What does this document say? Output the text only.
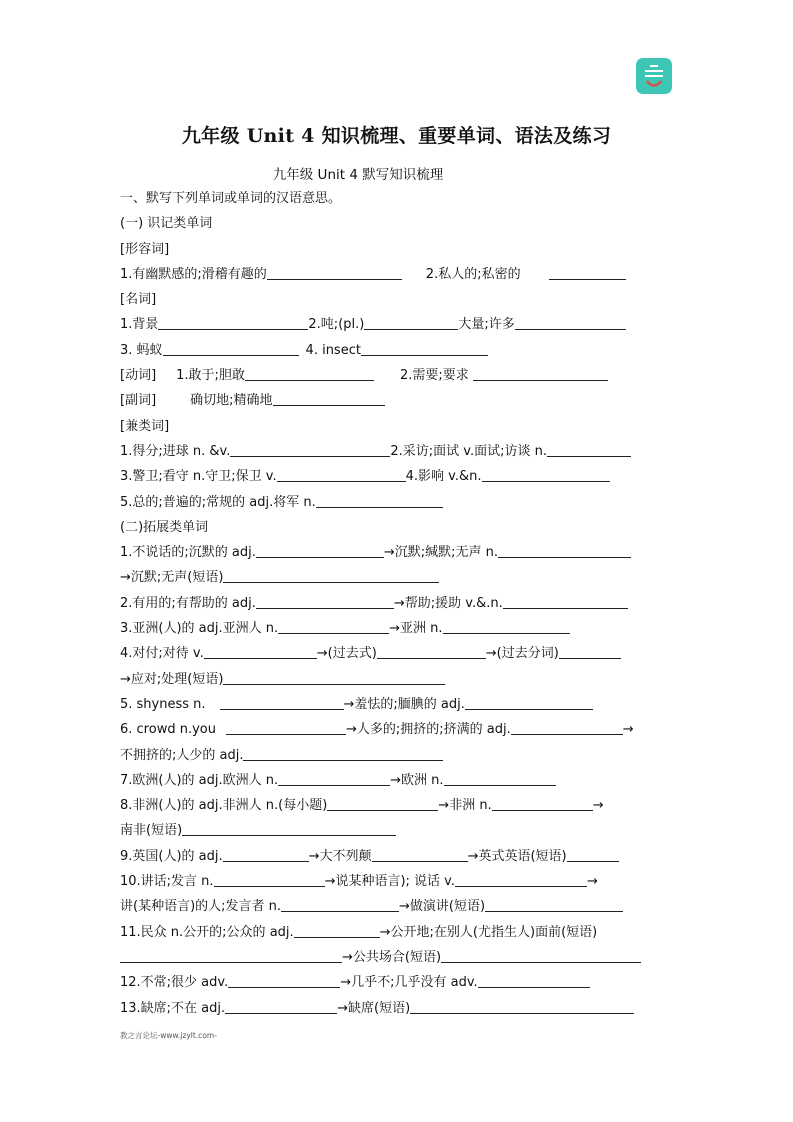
九年级 Unit 4 知识梳理、重要单词、语法及练习
九年级 Unit 4 默写知识梳理
一、默写下列单词或单词的汉语意思。
(一) 识记类单词
[形容词]
1.有幽默感的;滑稽有趣的	2.私人的;私密的
[名词]
1.背景	2.吨;(pl.)	大量;许多
3. 蚂蚁	4. insect
[动词] 1.敢于;胆敢	2.需要;要求
[副词]	确切地;精确地
[兼类词]
1.得分;进球 n. &v.	2.采访;面试 v.面试;访谈 n.
3.警卫;看守 n.守卫;保卫 v.	4.影响 v.&n.
5.总的;普遍的;常规的 adj.将军 n.
(二)拓展类单词
1.不说话的;沉默的 adj.	→沉默;缄默;无声 n.
→沉默;无声(短语)
2.有用的;有帮助的 adj.	→帮助;援助 v.&.n.
3.亚洲(人)的 adj.亚洲人 n.	→亚洲 n.
4.对付;对待 v.	→(过去式)	→(过去分词)
→应对;处理(短语)
5. shyness n.	→羞怯的;腼腆的 adj.
6. crowd n.you	→人多的;拥挤的;挤满的 adj.	→
不拥挤的;人少的 adj.
7.欧洲(人)的 adj.欧洲人 n.	→欧洲 n.
8.非洲(人)的 adj.非洲人 n.(每小题)	→非洲 n.	→
南非(短语)
9.英国(人)的 adj.	→大不列颠	→英式英语(短语)
10.讲话;发言 n.	→说某种语言); 说话 v.	→
讲(某种语言)的人;发言者 n.	→做演讲(短语)
11.民众 n.公开的;公众的 adj.	→公开地;在别人(尤指生人)面前(短语)
→公共场合(短语)
12.不常;很少 adv.	→几乎不;几乎没有 adv.
13.缺席;不在 adj.	→缺席(短语)
教之言论坛-www.jzylt.com-
